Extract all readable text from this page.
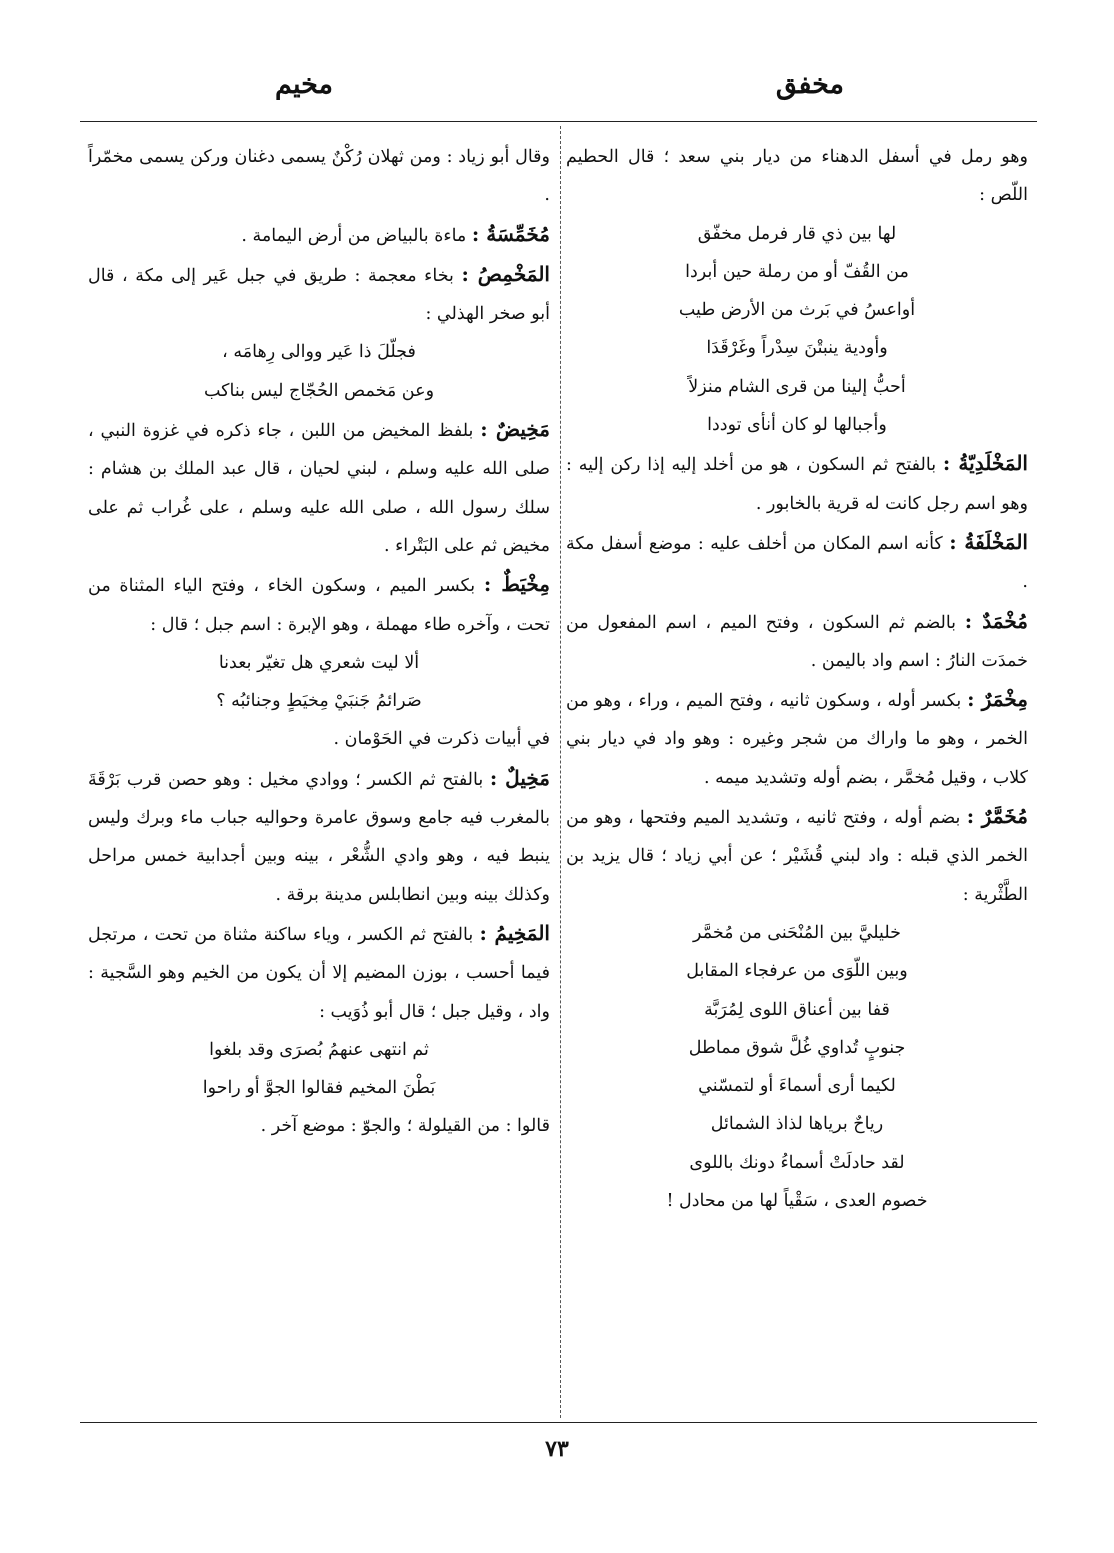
مخفق
مخيم

وهو رمل في أسفل الدهناء من ديار بني سعد ؛ قال الحطيم اللّص :

لها بين ذي قار فرمل مخفّق
من القُفّ أو من رملة حين أبردا
أواعسُ في بَرث من الأرض طيب
وأودية ينبتْنَ سِدْراً وغَرْقَدَا
أحبُّ إلينا من قرى الشام منزلاً
وأجبالها لو كان أنأى توددا

المَخْلَدِيّةُ : بالفتح ثم السكون ، هو من أخلد إليه إذا ركن إليه : وهو اسم رجل كانت له قرية بالخابور .

المَخْلَفَةُ : كأنه اسم المكان من أخلف عليه : موضع أسفل مكة .

مُخْمَدٌ : بالضم ثم السكون ، وفتح الميم ، اسم المفعول من خمدَت النارُ : اسم واد باليمن .

مِخْمَرٌ : بكسر أوله ، وسكون ثانيه ، وفتح الميم ، وراء ، وهو من الخمر ، وهو ما واراك من شجر وغيره : وهو واد في ديار بني كلاب ، وقيل مُخمَّر ، بضم أوله وتشديد ميمه .

مُخَمَّرٌ : بضم أوله ، وفتح ثانيه ، وتشديد الميم وفتحها ، وهو من الخمر الذي قبله : واد لبني قُشَيْر ؛ عن أبي زياد ؛ قال يزيد بن الطَّثْرية :

خليليَّ بين المُنْحَنى من مُخمَّر
وبين اللّوَى من عرفجاء المقابل
قفا بين أعناق اللوى لِمُرَبَّة
جنوبٍ تُداوي غُلَّ شوق مماطل
لكيما أرى أسماءَ أو لتمسّني
رياحٌ برياها لذاذ الشمائل
لقد حادلَتْ أسماءُ دونك باللوى
خصوم العدى ، سَقْياً لها من محادل !

وقال أبو زياد : ومن ثهلان رُكْنٌ يسمى دغنان وركن يسمى مخمّراً .

مُخَمِّسَةُ : ماءة بالبياض من أرض اليمامة .

المَخْمِصُ : بخاء معجمة : طريق في جبل عَير إلى مكة ، قال أبو صخر الهذلي :

فجلّلَ ذا عَير ووالى رِهامَه ،
وعن مَخمص الحُجّاج ليس بناكب

مَخِيضٌ : بلفظ المخيض من اللبن ، جاء ذكره في غزوة النبي ، صلى الله عليه وسلم ، لبني لحيان ، قال عبد الملك بن هشام : سلك رسول الله ، صلى الله عليه وسلم ، على غُراب ثم على مخيض ثم على البَتْراء .

مِخْيَطٌ : بكسر الميم ، وسكون الخاء ، وفتح الياء المثناة من تحت ، وآخره طاء مهملة ، وهو الإبرة : اسم جبل ؛ قال :

ألا ليت شعري هل تغيّر بعدنا
صَرائمُ جَنبَيْ مِخيَطٍ وجنائبُه ؟

في أبيات ذكرت في الحَوْمان .

مَخِيلٌ : بالفتح ثم الكسر ؛ ووادي مخيل : وهو حصن قرب بَرْقَةَ بالمغرب فيه جامع وسوق عامرة وحواليه جباب ماء وبرك وليس ينبط فيه ، وهو وادي الشُّعْر ، بينه وبين أجدابية خمس مراحل وكذلك بينه وبين انطابلس مدينة برقة .

المَخِيمُ : بالفتح ثم الكسر ، وياء ساكنة مثناة من تحت ، مرتجل فيما أحسب ، بوزن المضيم إلا أن يكون من الخيم وهو السَّجية : واد ، وقيل جبل ؛ قال أبو ذُوَيب :

ثم انتهى عنهمُ بُصرَى وقد بلغوا
بَطْنَ المخيم فقالوا الجوَّ أو راحوا

قالوا : من القيلولة ؛ والجوّ : موضع آخر .

٧٣
